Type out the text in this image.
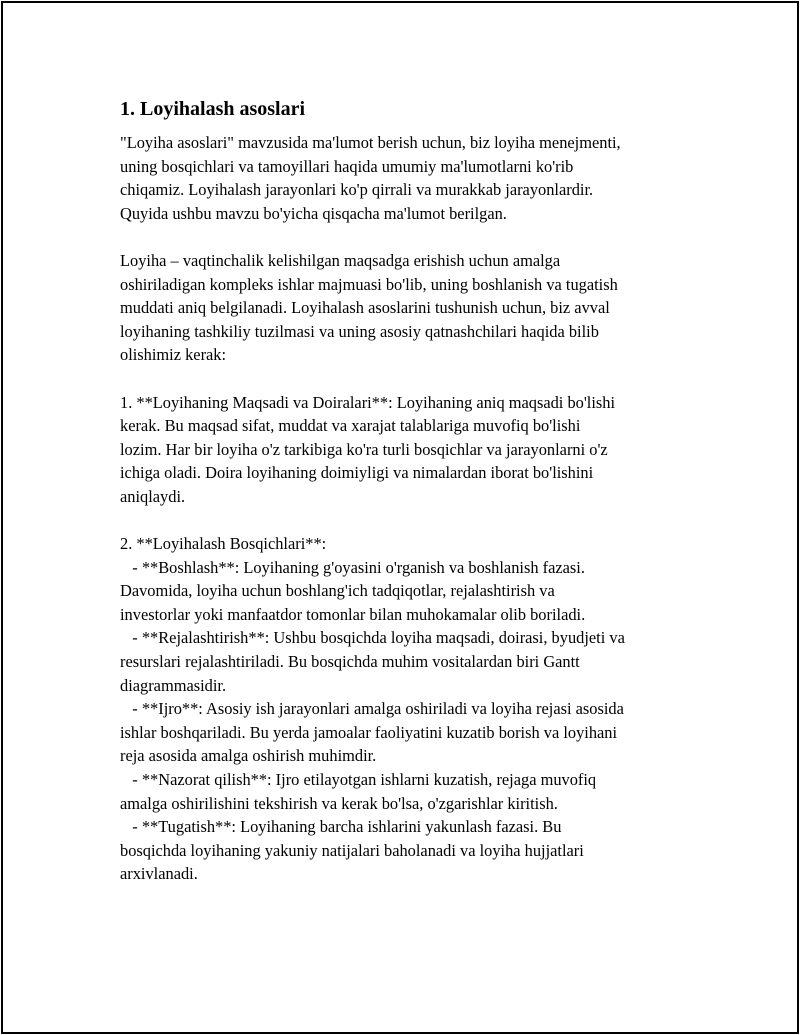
1. Loyihalash asoslari

"Loyiha asoslari" mavzusida ma'lumot berish uchun, biz loyiha menejmenti,
uning bosqichlari va tamoyillari haqida umumiy ma'lumotlarni ko'rib
chiqamiz. Loyihalash jarayonlari ko'p qirrali va murakkab jarayonlardir.
Quyida ushbu mavzu bo'yicha qisqacha ma'lumot berilgan.

Loyiha – vaqtinchalik kelishilgan maqsadga erishish uchun amalga
oshiriladigan kompleks ishlar majmuasi bo'lib, uning boshlanish va tugatish
muddati aniq belgilanadi. Loyihalash asoslarini tushunish uchun, biz avval
loyihaning tashkiliy tuzilmasi va uning asosiy qatnashchilari haqida bilib
olishimiz kerak:

1. **Loyihaning Maqsadi va Doiralari**: Loyihaning aniq maqsadi bo'lishi
kerak. Bu maqsad sifat, muddat va xarajat talablariga muvofiq bo'lishi
lozim. Har bir loyiha o'z tarkibiga ko'ra turli bosqichlar va jarayonlarni o'z
ichiga oladi. Doira loyihaning doimiyligi va nimalardan iborat bo'lishini
aniqlaydi.

2. **Loyihalash Bosqichlari**:
- **Boshlash**: Loyihaning g'oyasini o'rganish va boshlanish fazasi.
Davomida, loyiha uchun boshlang'ich tadqiqotlar, rejalashtirish va
investorlar yoki manfaatdor tomonlar bilan muhokamalar olib boriladi.
- **Rejalashtirish**: Ushbu bosqichda loyiha maqsadi, doirasi, byudjeti va
resurslari rejalashtiriladi. Bu bosqichda muhim vositalardan biri Gantt
diagrammasidir.
- **Ijro**: Asosiy ish jarayonlari amalga oshiriladi va loyiha rejasi asosida
ishlar boshqariladi. Bu yerda jamoalar faoliyatini kuzatib borish va loyihani
reja asosida amalga oshirish muhimdir.
- **Nazorat qilish**: Ijro etilayotgan ishlarni kuzatish, rejaga muvofiq
amalga oshirilishini tekshirish va kerak bo'lsa, o'zgarishlar kiritish.
- **Tugatish**: Loyihaning barcha ishlarini yakunlash fazasi. Bu
bosqichda loyihaning yakuniy natijalari baholanadi va loyiha hujjatlari
arxivlanadi.
